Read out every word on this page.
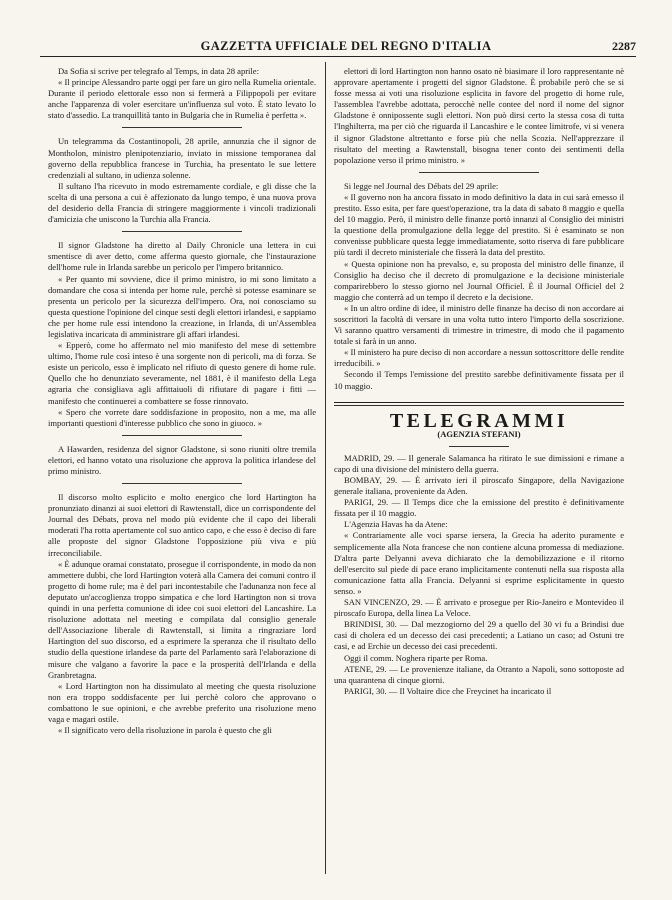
GAZZETTA UFFICIALE DEL REGNO D'ITALIA	2287

Da Sofia si scrive per telegrafo al Temps, in data 28 aprile:

« Il principe Alessandro parte oggi per fare un giro nella Rumelia orientale. Durante il periodo elettorale esso non si fermerà a Filippopoli per evitare anche l'apparenza di voler esercitare un'influenza sul voto. È stato levato lo stato d'assedio. La tranquillità tanto in Bulgaria che in Rumelia è perfetta ».

Un telegramma da Costantinopoli, 28 aprile, annunzia che il signor de Montholon, ministro plenipotenziario, inviato in missione temporanea dal governo della repubblica francese in Turchia, ha presentato le sue lettere credenziali al sultano, in udienza solenne.

Il sultano l'ha ricevuto in modo estremamente cordiale, e gli disse che la scelta di una persona a cui è affezionato da lungo tempo, è una nuova prova del desiderio della Francia di stringere maggiormente i vincoli tradizionali d'amicizia che uniscono la Turchia alla Francia.

Il signor Gladstone ha diretto al Daily Chronicle una lettera in cui smentisce di aver detto, come afferma questo giornale, che l'instaurazione dell'home rule in Irlanda sarebbe un pericolo per l'impero britannico.

« Per quanto mi sovviene, dice il primo ministro, io mi sono limitato a domandare che cosa si intenda per home rule, perchè si potesse esaminare se presenta un pericolo per la sicurezza dell'impero. Ora, noi conosciamo su questa questione l'opinione del cinque sesti degli elettori irlandesi, e sappiamo che per home rule essi intendono la creazione, in Irlanda, di un'Assemblea legislativa incaricata di amministrare gli affari irlandesi.

« Epperò, come ho affermato nel mio manifesto del mese di settembre ultimo, l'home rule così inteso è una sorgente non di pericoli, ma di forza. Se esiste un pericolo, esso è implicato nel rifiuto di questo genere di home rule. Quello che ho denunziato severamente, nel 1881, è il manifesto della Lega agraria che consigliava agli affittaiuoli di rifiutare di pagare i fitti — manifesto che continuerei a combattere se fosse rinnovato.

« Spero che vorrete dare soddisfazione in proposito, non a me, ma alle importanti questioni d'interesse pubblico che sono in giuoco. »

A Hawarden, residenza del signor Gladstone, si sono riuniti oltre tremila elettori, ed hanno votato una risoluzione che approva la politica irlandese del primo ministro.

Il discorso molto esplicito e molto energico che lord Hartington ha pronunziato dinanzi ai suoi elettori di Rawtenstall, dice un corrispondente del Journal des Débats, prova nel modo più evidente che il capo dei liberali moderati l'ha rotta apertamente col suo antico capo, e che esso è deciso di fare alle proposte del signor Gladstone l'opposizione più viva e più irreconciliabile.

« È adunque oramai constatato, prosegue il corrispondente, in modo da non ammettere dubbi, che lord Hartington voterà alla Camera dei comuni contro il progetto di home rule; ma è del pari incontestabile che l'adunanza non fece al deputato un'accoglienza troppo simpatica e che lord Hartington non si trova quindi in una perfetta comunione di idee coi suoi elettori del Lancashire. La risoluzione adottata nel meeting e compilata dal consiglio generale dell'Associazione liberale di Rawtenstall, si limita a ringraziare lord Hartington del suo discorso, ed a esprimere la speranza che il risultato dello studio della questione irlandese da parte del Parlamento sarà l'elaborazione di misure che valgano a favorire la pace e la prosperità dell'Irlanda e della Granbretagna.

« Lord Hartington non ha dissimulato al meeting che questa risoluzione non era troppo soddisfacente per lui perchè coloro che approvano o combattono le sue opinioni, e che avrebbe preferito una risoluzione meno vaga e magari ostile.

« Il significato vero della risoluzione in parola è questo che gli

elettori di lord Hartington non hanno osato nè biasimare il loro rappresentante nè approvare apertamente i progetti del signor Gladstone. È probabile però che se si fosse messa ai voti una risoluzione esplicita in favore del progetto di home rule, l'assemblea l'avrebbe adottata, perocchè nelle contee del nord il nome del signor Gladstone è onnipossente sugli elettori. Non può dirsi certo la stessa cosa di tutta l'Inghilterra, ma per ciò che riguarda il Lancashire e le contee limitrofe, vi si venera il signor Gladstone altrettanto e forse più che nella Scozia. Nell'apprezzare il risultato del meeting a Rawtenstall, bisogna tener conto dei sentimenti della popolazione verso il primo ministro. »

Si legge nel Journal des Débats del 29 aprile:

« Il governo non ha ancora fissato in modo definitivo la data in cui sarà emesso il prestito. Esso esita, per fare quest'operazione, tra la data di sabato 8 maggio e quella del 10 maggio. Però, il ministro delle finanze portò innanzi al Consiglio dei ministri la questione della promulgazione della legge del prestito. Si è esaminato se non convenisse pubblicare questa legge immediatamente, sotto riserva di fare pubblicare più tardi il decreto ministeriale che fisserà la data del prestito.

« Questa opinione non ha prevalso, e, su proposta del ministro delle finanze, il Consiglio ha deciso che il decreto di promulgazione e la decisione ministeriale comparirebbero lo stesso giorno nel Journal Officiel. È il Journal Officiel del 2 maggio che conterrà ad un tempo il decreto e la decisione.

« In un altro ordine di idee, il ministro delle finanze ha deciso di non accordare ai soscrittori la facoltà di versare in una volta tutto intero l'importo della soscrizione. Vi saranno quattro versamenti di trimestre in trimestre, di modo che il pagamento totale si farà in un anno.

« Il ministero ha pure deciso di non accordare a nessun sottoscrittore delle rendite irreducibili. »

Secondo il Temps l'emissione del prestito sarebbe definitivamente fissata per il 10 maggio.

TELEGRAMMI
(AGENZIA STEFANI)

MADRID, 29. — Il generale Salamanca ha ritirato le sue dimissioni e rimane a capo di una divisione del ministero della guerra.

BOMBAY, 29. — È arrivato ieri il piroscafo Singapore, della Navigazione generale italiana, proveniente da Aden.

PARIGI, 29. — Il Temps dice che la emissione del prestito è definitivamente fissata per il 10 maggio.

L'Agenzia Havas ha da Atene:

« Contrariamente alle voci sparse iersera, la Grecia ha aderito puramente e semplicemente alla Nota francese che non contiene alcuna promessa di mediazione. D'altra parte Delyanni aveva dichiarato che la demobilizzazione e il ritorno dell'esercito sul piede di pace erano implicitamente contenuti nella sua risposta alla comunicazione fatta alla Francia. Delyanni si esprime esplicitamente in questo senso. »

SAN VINCENZO, 29. — È arrivato e prosegue per Rio-Janeiro e Montevideo il piroscafo Europa, della linea La Veloce.

BRINDISI, 30. — Dal mezzogiorno del 29 a quello del 30 vi fu a Brindisi due casi di cholera ed un decesso dei casi precedenti; a Latiano un caso; ad Ostuni tre casi, e ad Erchie un decesso dei casi precedenti.

Oggi il comm. Noghera riparte per Roma.

ATENE, 29. — Le provenienze italiane, da Otranto a Napoli, sono sottoposte ad una quarantena di cinque giorni.

PARIGI, 30. — Il Voltaire dice che Freycinet ha incaricato il
